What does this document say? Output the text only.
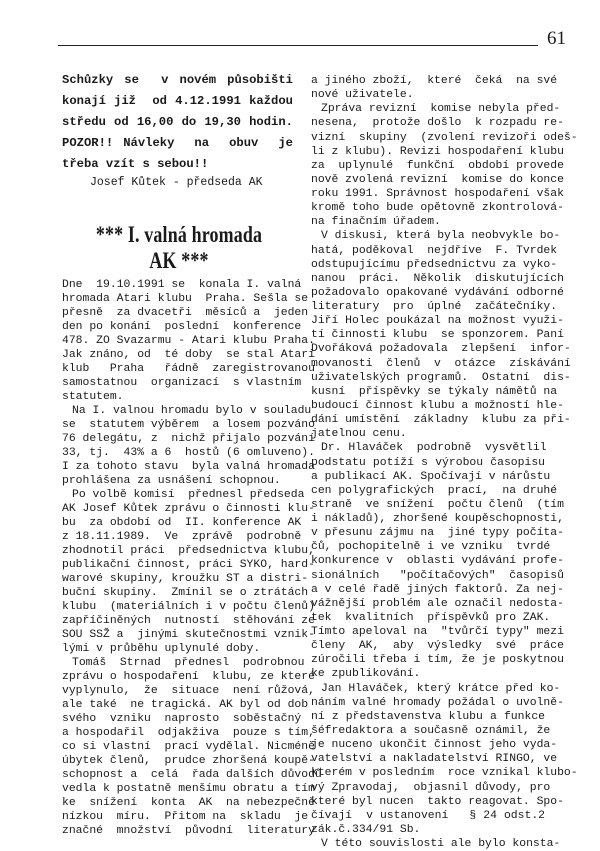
61
Schůzky se  v novém působišti
konají již  od 4.12.1991 každou
středu od 16,00 do 19,30 hodin.
POZOR!! Návleky  na  obuv  je
třeba vzít s sebou!!
Josef Kůtek - předseda AK
*** I. valná hromada AK ***
Dne  19.10.1991 se  konala I. valná
hromada Atari klubu  Praha. Sešla se
přesně  za dvacetři  měsíců a  jeden
den po konání  poslední  konference
478. ZO Svazarmu - Atari klubu Praha.
Jak znáno, od  té doby  se stal Atari
klub   Praha   řádně  zaregistrovanou
samostatnou  organizací  s vlastním
statutem.
Na I. valnou hromadu bylo v souladu
se  statutem výběrem  a losem pozváno
76 delegátu, z  nichž přijalo pozvání
33, tj.  43% a 6  hostů (6 omluveno).
I za tohoto stavu  byla valná hromada
prohlášena za usnášení schopnou.
Po volbě komisí  přednesl předseda
AK Josef Kůtek zprávu o činnosti klu-
bu  za období od  II. konference AK
z 18.11.1989.  Ve  zprávě  podrobně
zhodnotil práci  předsednictva klubu,
publikační činnost, práci SYKO, hard-
warové skupiny, kroužku ST a distri-
buční skupiny.  Zmínil se o ztrátách
klubu  (materiálních i v počtu členů)
zapříčiněných  nutností  stěhování ze
SOU SSŽ a  jinými skutečnostmi vznik-
lými v průběhu uplynulé doby.
Tomáš  Strnad  přednesl  podrobnou
zprávu o hospodaření  klubu, ze které
vyplynulo,  že  situace  není růžová,
ale také  ne tragická. AK byl od dob
svého  vzniku  naprosto  soběstačný
a hospodařil  odjakživa  pouze s tím,
co si vlastní  prací vydělal. Nicméně
úbytek členů,  prudce zhoršená koupě-
schopnost a  celá  řada dalších důvodů
vedla k postatně menšímu obratu a tím
ke  snížení  konta  AK  na nebezpečně
nízkou  míru.  Přitom na  skladu  je
značné  množství  původní  literatury
a jiného zboží,  které  čeká  na své
nové uživatele.
Zpráva revizní  komise nebyla před-
nesena,  protože došlo  k rozpadu re-
vizní  skupiny  (zvolení revizoři odeš-
li z klubu). Revizi hospodaření klubu
za  uplynulé  funkční  období provede
nově zvolená revizní  komise do konce
roku 1991. Správnost hospodaření však
kromě toho bude opětovně zkontrolová-
na finačním úřadem.
V diskusi, která byla neobvykle bo-
hatá, poděkoval  nejdříve  F. Tvrdek
odstupujícímu předsednictvu za vyko-
nanou  práci.  Několik  diskutujících
požadovalo opakované vydávání odborné
literatury  pro  úplné  začátečníky.
Jiří Holec poukázal na možnost využi-
tí činnosti klubu  se sponzorem. Paní
Dvořáková požadovala  zlepšení  infor-
movanosti  členů  v  otázce  získávání
uživatelských programů.  Ostatní  dis-
kusní  příspěvky se týkaly námětů na
budoucí činnost klubu a možností hle-
dání umístění  základny  klubu za při-
jatelnou cenu.
Dr. Hlaváček  podrobně  vysvětlil
podstatu potíží s výrobou časopisu
a publikací AK. Spočívají v nárůstu
cen polygrafických  prací,  na druhé
straně  ve snížení  počtu členů  (tím
i nákladů), zhoršené koupěschopnosti,
v přesunu zájmu na  jiné typy počíta-
čů, pochopitelně i ve vzniku  tvrdé
konkurence v  oblasti vydávání profe-
sionálních   "počítačových"  časopisů
a v celé řadě jiných faktorů. Za nej-
vážnější problém ale označil nedosta-
tek  kvalitních  příspěvků pro ZAK.
Tímto apeloval na  "tvůrčí typy" mezi
členy  AK,  aby  výsledky  své  práce
zúročili třeba i tím, že je poskytnou
ke zpublikování.
Jan Hlaváček, který krátce před ko-
náním valné hromady požádal o uvolně-
ní z představenstva klubu a funkce
šéfredaktora a současně oznámil, že
je nuceno ukončit činnost jeho vyda-
vatelství a nakladatelství RINGO, ve
kterém v posledním  roce vznikal klubo-
vý Zpravodaj,  objasnil důvody, pro
které byl nucen  takto reagovat. Spo-
čívají  v ustanovení   § 24 odst.2
zák.č.334/91 Sb.
V této souvislosti ale bylo konsta-
